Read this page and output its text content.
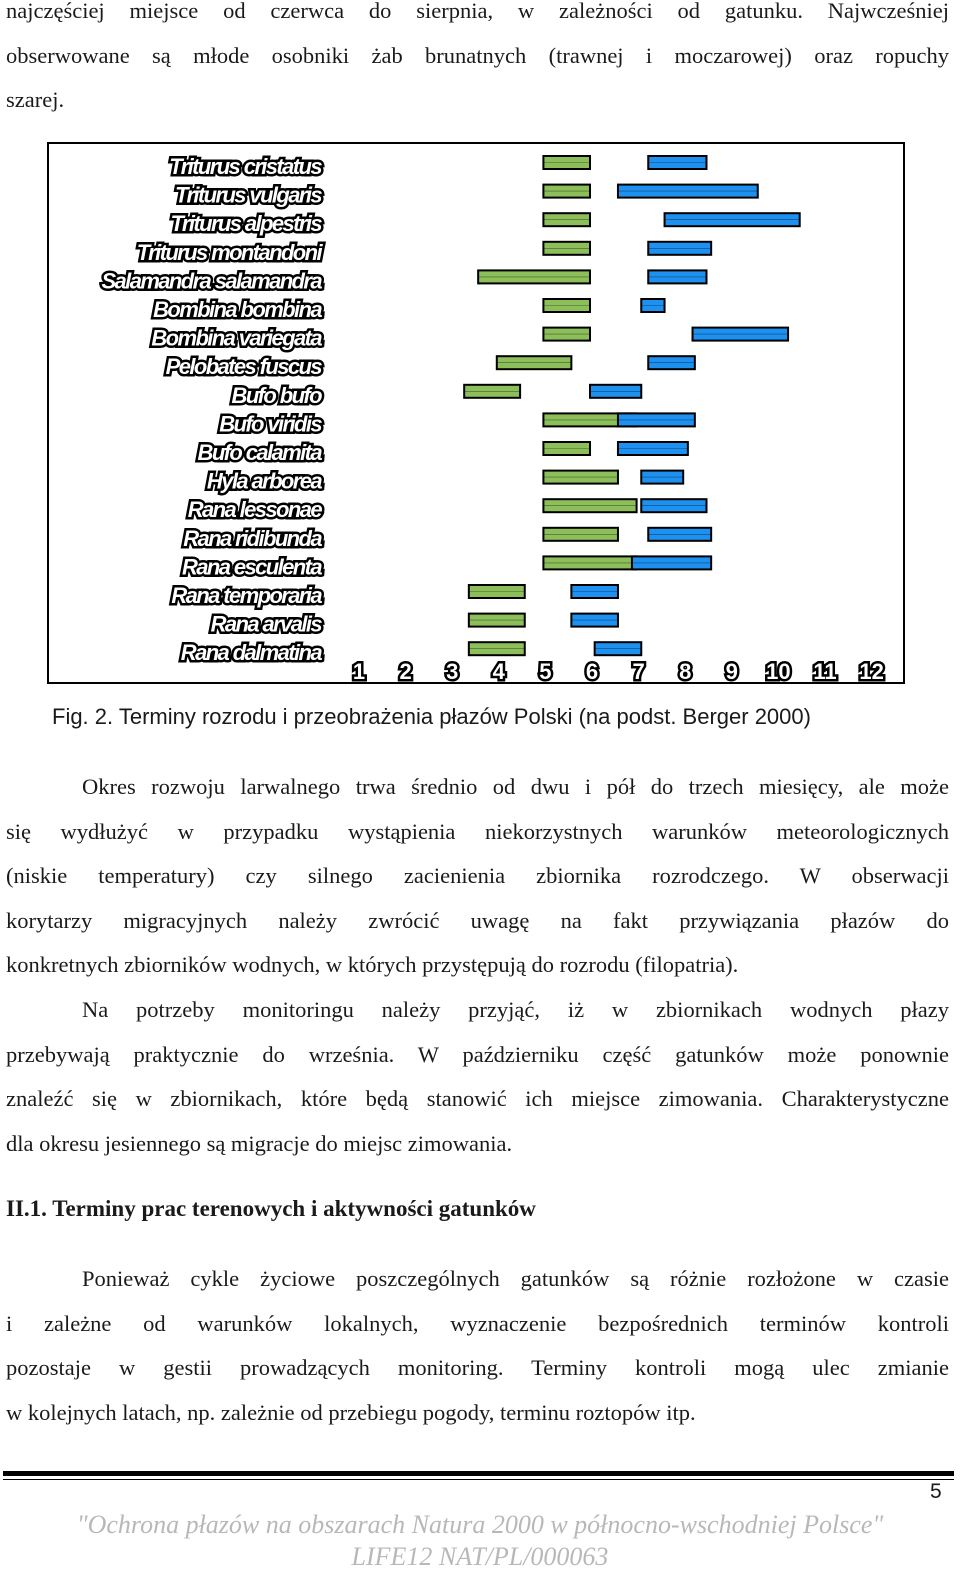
najczęściej miejsce od czerwca do sierpnia, w zależności od gatunku. Najwcześniej
obserwowane są młode osobniki żab brunatnych (trawnej i moczarowej) oraz ropuchy
szarej.
Triturus cristatus
Triturus vulgaris
Triturus alpestris
Triturus montandoni
Salamandra salamandra
Bombina bombina
Bombina variegata
Pelobates fuscus
Bufo bufo
Bufo viridis
Bufo calamita
Hyla arborea
Rana lessonae
Rana ridibunda
Rana esculenta
Rana temporaria
Rana arvalis
Rana dalmatina
1 2 3 4 5 6 7 8 9 10 11 12
Fig. 2. Terminy rozrodu i przeobrażenia płazów Polski (na podst. Berger 2000)
Okres rozwoju larwalnego trwa średnio od dwu i pół do trzech miesięcy, ale może
się wydłużyć w przypadku wystąpienia niekorzystnych warunków meteorologicznych
(niskie temperatury) czy silnego zacienienia zbiornika rozrodczego. W obserwacji
korytarzy migracyjnych należy zwrócić uwagę na fakt przywiązania płazów do
konkretnych zbiorników wodnych, w których przystępują do rozrodu (filopatria).
Na potrzeby monitoringu należy przyjąć, iż w zbiornikach wodnych płazy
przebywają praktycznie do września. W październiku część gatunków może ponownie
znaleźć się w zbiornikach, które będą stanowić ich miejsce zimowania. Charakterystyczne
dla okresu jesiennego są migracje do miejsc zimowania.
II.1. Terminy prac terenowych i aktywności gatunków
Ponieważ cykle życiowe poszczególnych gatunków są różnie rozłożone w czasie
i zależne od warunków lokalnych, wyznaczenie bezpośrednich terminów kontroli
pozostaje w gestii prowadzących monitoring. Terminy kontroli mogą ulec zmianie
w kolejnych latach, np. zależnie od przebiegu pogody, terminu roztopów itp.
5
"Ochrona płazów na obszarach Natura 2000 w północno-wschodniej Polsce"
LIFE12 NAT/PL/000063
